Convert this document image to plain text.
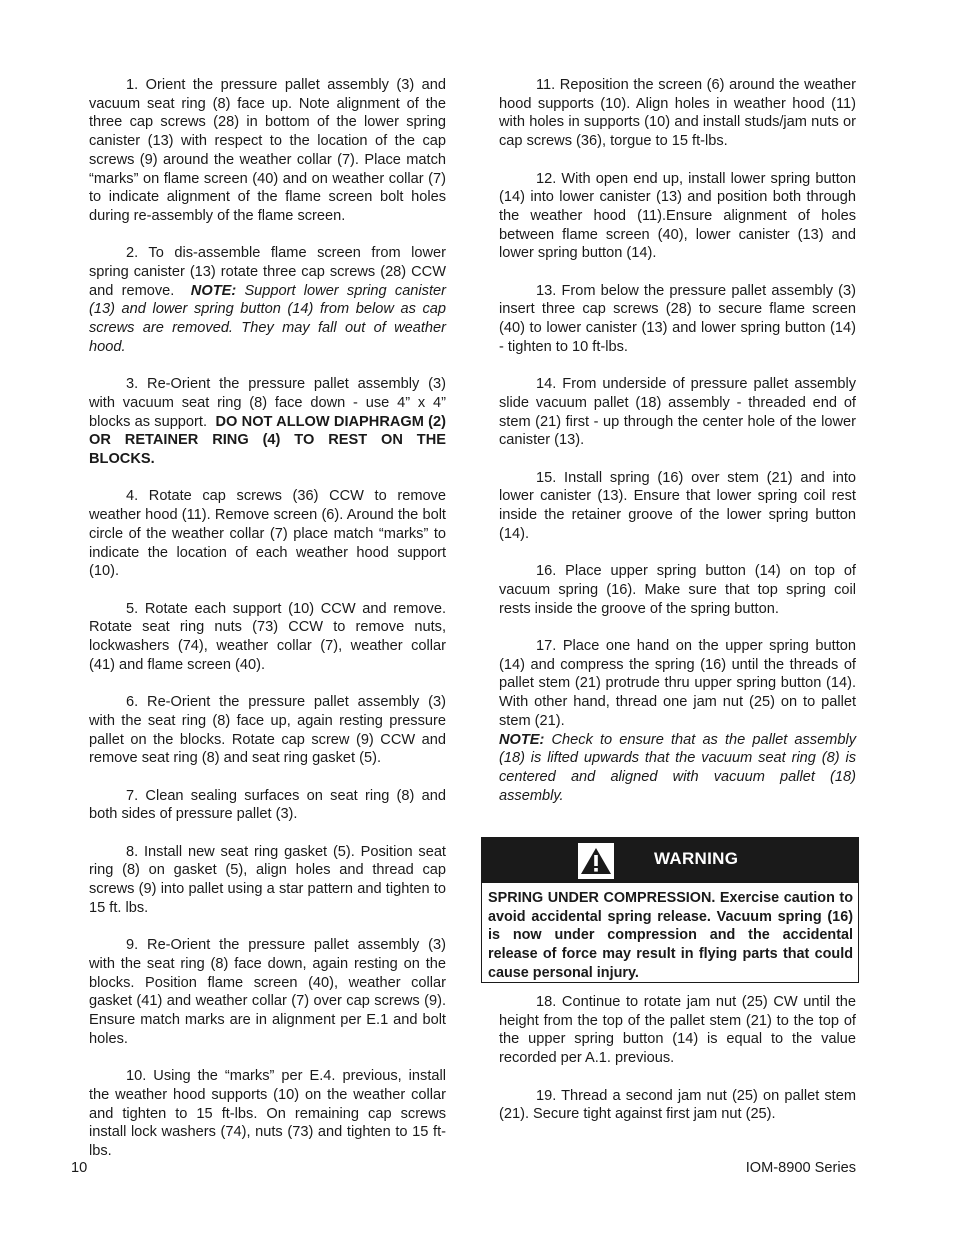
1. Orient the pressure pallet assembly (3) and vacuum seat ring (8) face up. Note alignment of the three cap screws (28) in bottom of the lower spring canister (13) with respect to the location of the cap screws (9) around the weather collar (7). Place match “marks” on flame screen (40) and on weather collar (7) to indicate alignment of the flame screen bolt holes during re-assembly of the flame screen.

2. To dis-assemble flame screen from lower spring canister (13) rotate three cap screws (28) CCW and remove. NOTE: Support lower spring canister (13) and lower spring button (14) from below as cap screws are removed. They may fall out of weather hood.

3. Re-Orient the pressure pallet assembly (3) with vacuum seat ring (8) face down - use 4” x 4” blocks as support. DO NOT ALLOW DIAPHRAGM (2) OR RETAINER RING (4) TO REST ON THE BLOCKS.

4. Rotate cap screws (36) CCW to remove weather hood (11). Remove screen (6). Around the bolt circle of the weather collar (7) place match “marks” to indicate the location of each weather hood support (10).

5. Rotate each support (10) CCW and remove. Rotate seat ring nuts (73) CCW to remove nuts, lockwashers (74), weather collar (7), weather collar (41) and flame screen (40).

6. Re-Orient the pressure pallet assembly (3) with the seat ring (8) face up, again resting pressure pallet on the blocks. Rotate cap screw (9) CCW and remove seat ring (8) and seat ring gasket (5).

7. Clean sealing surfaces on seat ring (8) and both sides of pressure pallet (3).

8. Install new seat ring gasket (5). Position seat ring (8) on gasket (5), align holes and thread cap screws (9) into pallet using a star pattern and tighten to 15 ft. lbs.

9. Re-Orient the pressure pallet assembly (3) with the seat ring (8) face down, again resting on the blocks. Position flame screen (40), weather collar gasket (41) and weather collar (7) over cap screws (9). Ensure match marks are in alignment per E.1 and bolt holes.

10. Using the “marks” per E.4. previous, install the weather hood supports (10) on the weather collar and tighten to 15 ft-lbs. On remaining cap screws install lock washers (74), nuts (73) and tighten to 15 ft-lbs.

11. Reposition the screen (6) around the weather hood supports (10). Align holes in weather hood (11) with holes in supports (10) and install studs/jam nuts or cap screws (36), torgue to 15 ft-lbs.

12. With open end up, install lower spring button (14) into lower canister (13) and position both through the weather hood (11).Ensure alignment of holes between flame screen (40), lower canister (13) and lower spring button (14).

13. From below the pressure pallet assembly (3) insert three cap screws (28) to secure flame screen (40) to lower canister (13) and lower spring button (14) - tighten to 10 ft-lbs.

14. From underside of pressure pallet assembly slide vacuum pallet (18) assembly - threaded end of stem (21) first - up through the center hole of the lower canister (13).

15. Install spring (16) over stem (21) and into lower canister (13). Ensure that lower spring coil rest inside the retainer groove of the lower spring button (14).

16. Place upper spring button (14) on top of vacuum spring (16). Make sure that top spring coil rests inside the groove of the spring button.

17. Place one hand on the upper spring button (14) and compress the spring (16) until the threads of pallet stem (21) protrude thru upper spring button (14). With other hand, thread one jam nut (25) on to pallet stem (21).

NOTE: Check to ensure that as the pallet assembly (18) is lifted upwards that the vacuum seat ring (8) is centered and aligned with vacuum pallet (18) assembly.

WARNING
SPRING UNDER COMPRESSION. Exercise caution to avoid accidental spring release. Vacuum spring (16) is now under compression and the accidental release of force may result in flying parts that could cause personal injury.

18. Continue to rotate jam nut (25) CW until the height from the top of the pallet stem (21) to the top of the upper spring button (14) is equal to the value recorded per A.1. previous.

19. Thread a second jam nut (25) on pallet stem (21). Secure tight against first jam nut (25).

10	IOM-8900 Series
